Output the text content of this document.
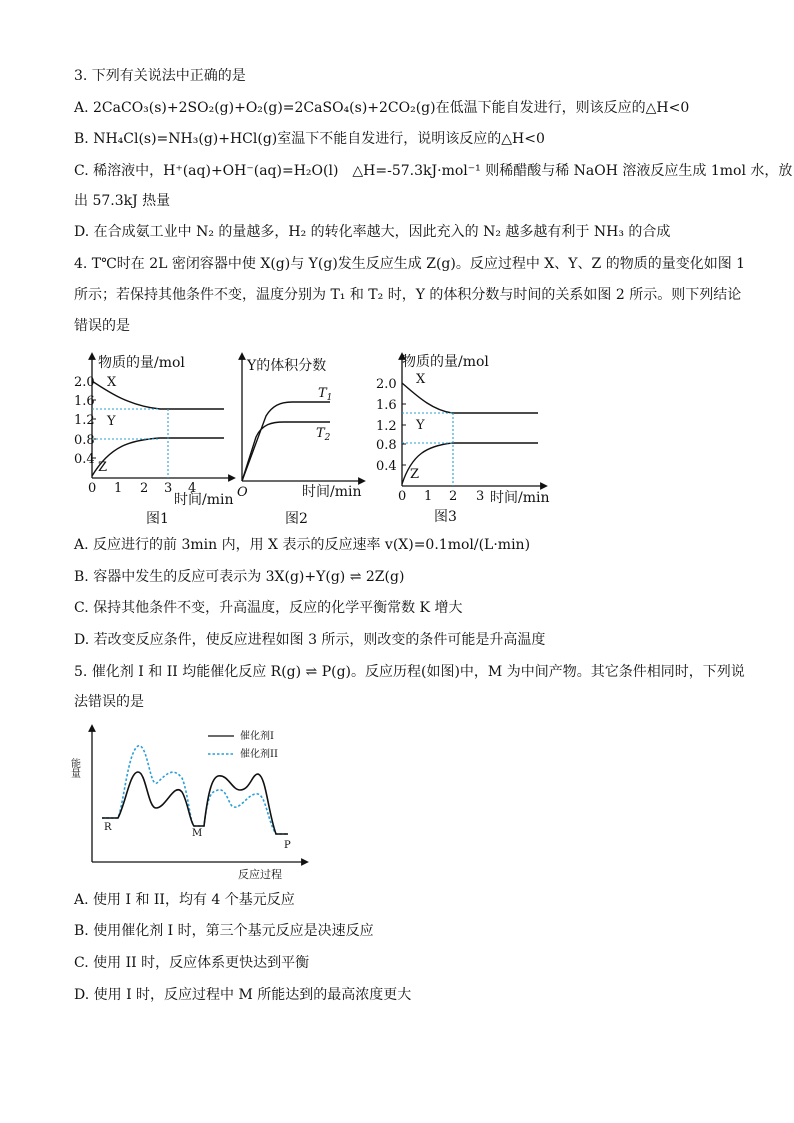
3. 下列有关说法中正确的是
A. 2CaCO₃(s)+2SO₂(g)+O₂(g)=2CaSO₄(s)+2CO₂(g)在低温下能自发进行，则该反应的△H<0
B. NH₄Cl(s)=NH₃(g)+HCl(g)室温下不能自发进行，说明该反应的△H<0
C. 稀溶液中，H⁺(aq)+OH⁻(aq)=H₂O(l)　△H=-57.3kJ·mol⁻¹ 则稀醋酸与稀 NaOH 溶液反应生成 1mol 水，放
出 57.3kJ 热量
D. 在合成氨工业中 N₂ 的量越多，H₂ 的转化率越大，因此充入的 N₂ 越多越有利于 NH₃ 的合成
4. T℃时在 2L 密闭容器中使 X(g)与 Y(g)发生反应生成 Z(g)。反应过程中 X、Y、Z 的物质的量变化如图 1
所示；若保持其他条件不变，温度分别为 T₁ 和 T₂ 时，Y 的体积分数与时间的关系如图 2 所示。则下列结论
错误的是
物质的量/mol
2.0
1.6
1.2
0.8
0.4
X
Y
Z
0 1 2 3 4
时间/min
图1
Y的体积分数
O
$T_1$
$T_2$
时间/min
图2
物质的量/mol
2.0
1.6
1.2
0.8
0.4
X
Y
Z
0 1 2 3 时间/min
图3
A. 反应进行的前 3min 内，用 X 表示的反应速率 v(X)=0.1mol/(L·min)
B. 容器中发生的反应可表示为 3X(g)+Y(g) ⇌ 2Z(g)
C. 保持其他条件不变，升高温度，反应的化学平衡常数 K 增大
D. 若改变反应条件，使反应进程如图 3 所示，则改变的条件可能是升高温度
5. 催化剂 I 和 II 均能催化反应 R(g) ⇌ P(g)。反应历程(如图)中，M 为中间产物。其它条件相同时，下列说
法错误的是
能量
反应过程
催化剂I
催化剂II
R
M
P
A. 使用 I 和 II，均有 4 个基元反应
B. 使用催化剂 I 时，第三个基元反应是决速反应
C. 使用 II 时，反应体系更快达到平衡
D. 使用 I 时，反应过程中 M 所能达到的最高浓度更大
